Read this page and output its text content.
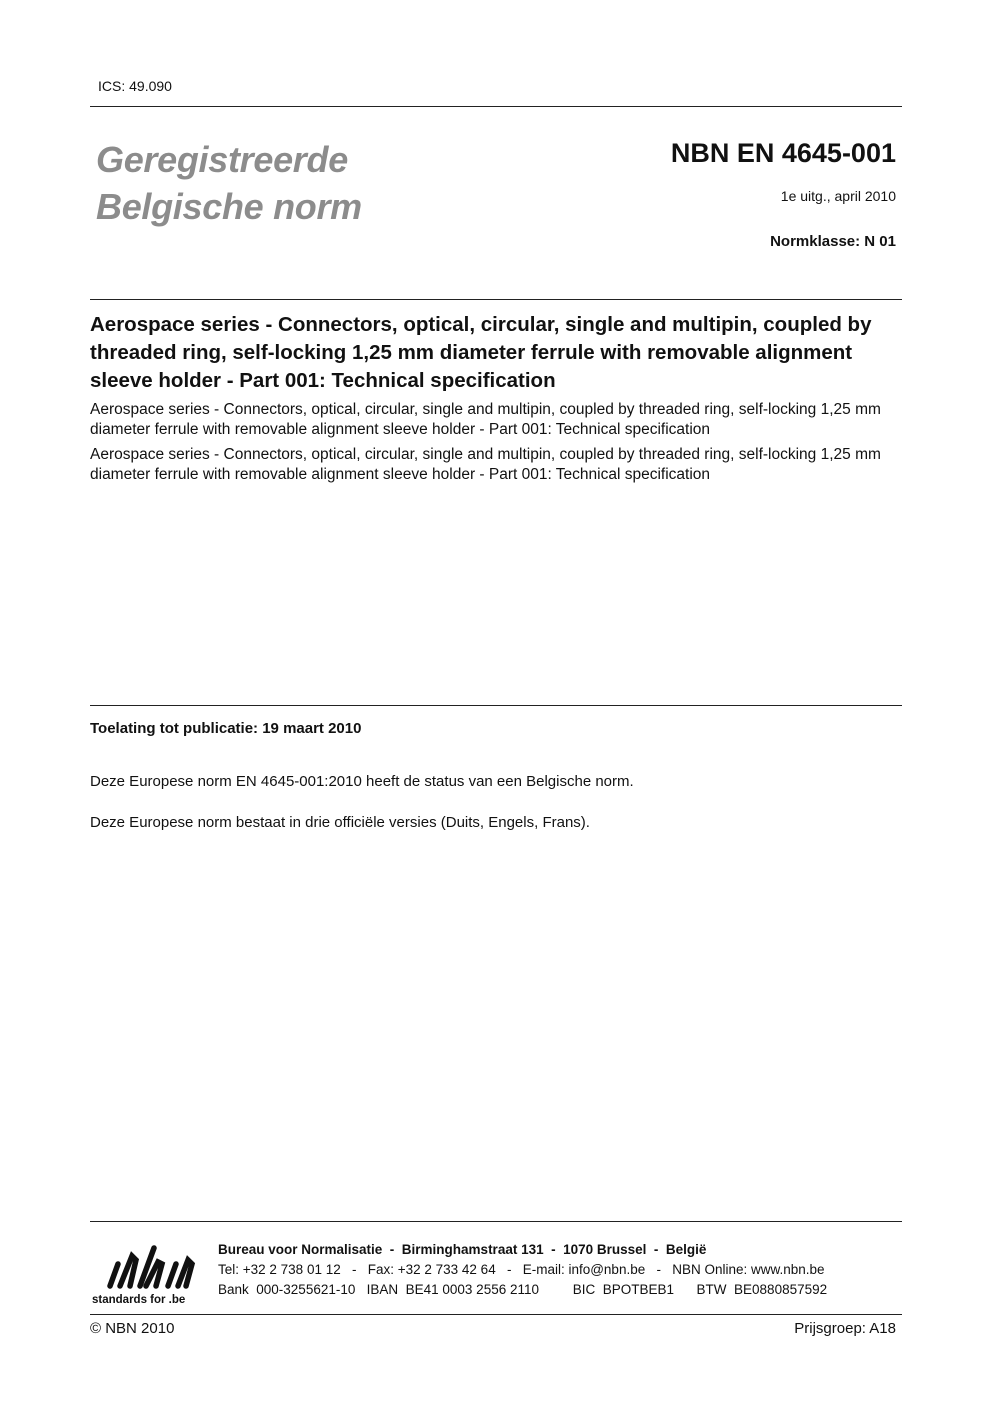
ICS: 49.090
Geregistreerde
Belgische norm
NBN EN 4645-001
1e uitg., april 2010
Normklasse: N 01
Aerospace series - Connectors, optical, circular, single and multipin, coupled by threaded ring, self-locking 1,25 mm diameter ferrule with removable alignment sleeve holder - Part 001: Technical specification
Aerospace series - Connectors, optical, circular, single and multipin, coupled by threaded ring, self-locking 1,25 mm diameter ferrule with removable alignment sleeve holder - Part 001: Technical specification
Aerospace series - Connectors, optical, circular, single and multipin, coupled by threaded ring, self-locking 1,25 mm diameter ferrule with removable alignment sleeve holder - Part 001: Technical specification
Toelating tot publicatie: 19 maart 2010
Deze Europese norm EN 4645-001:2010 heeft de status van een Belgische norm.
Deze Europese norm bestaat in drie officiële versies (Duits, Engels, Frans).
standards for .be
Bureau voor Normalisatie  -  Birminghamstraat 131  -  1070 Brussel  -  België
Tel: +32 2 738 01 12   -   Fax: +32 2 733 42 64   -   E-mail: info@nbn.be   -   NBN Online: www.nbn.be
Bank  000-3255621-10   IBAN  BE41 0003 2556 2110         BIC  BPOTBEB1      BTW  BE0880857592
© NBN 2010	Prijsgroep: A18
